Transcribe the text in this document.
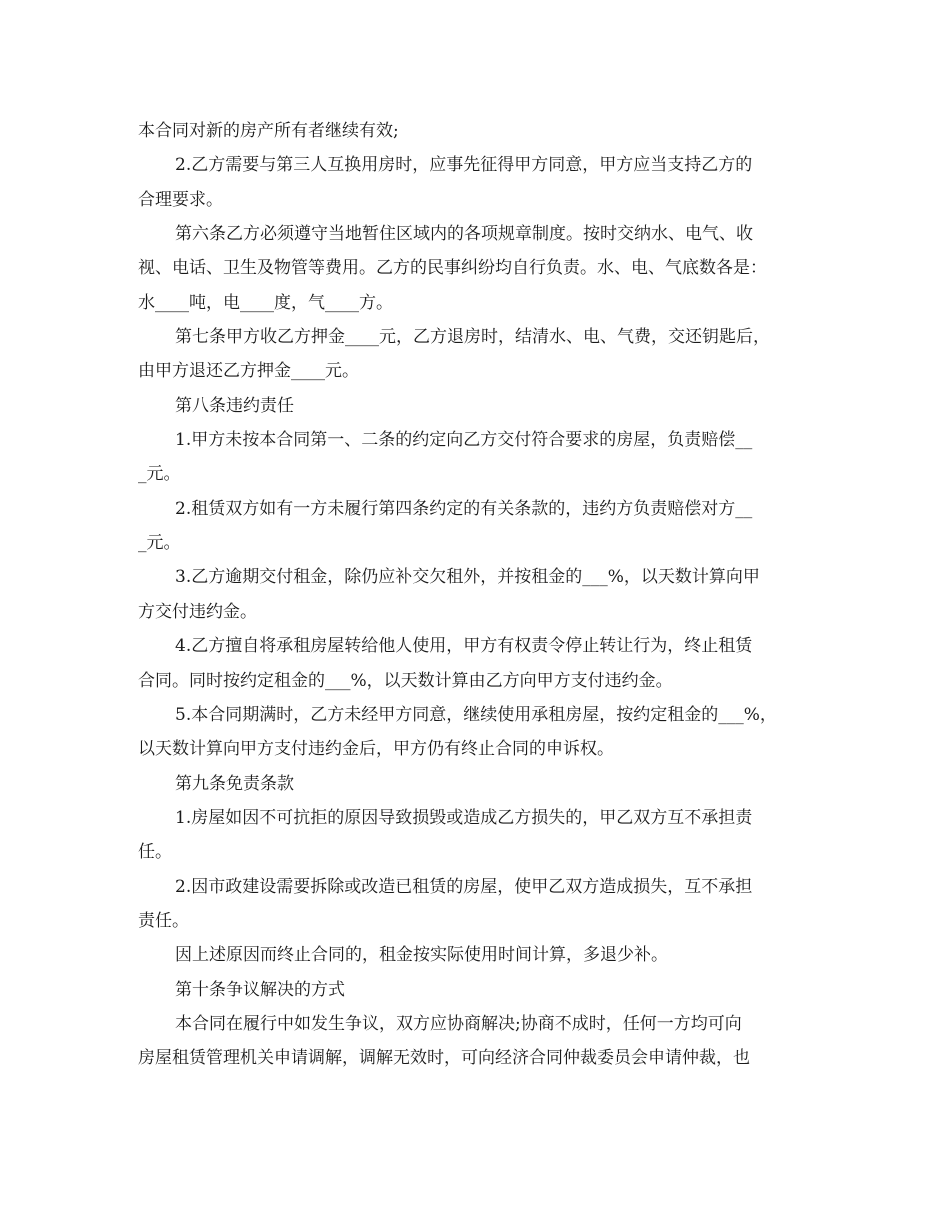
本合同对新的房产所有者继续有效;
2.乙方需要与第三人互换用房时，应事先征得甲方同意，甲方应当支持乙方的
合理要求。
第六条乙方必须遵守当地暂住区域内的各项规章制度。按时交纳水、电气、收
视、电话、卫生及物管等费用。乙方的民事纠纷均自行负责。水、电、气底数各是：
水____吨，电____度，气____方。
第七条甲方收乙方押金____元，乙方退房时，结清水、电、气费，交还钥匙后，
由甲方退还乙方押金____元。
第八条违约责任
1.甲方未按本合同第一、二条的约定向乙方交付符合要求的房屋，负责赔偿__
_元。
2.租赁双方如有一方未履行第四条约定的有关条款的，违约方负责赔偿对方__
_元。
3.乙方逾期交付租金，除仍应补交欠租外，并按租金的___%，以天数计算向甲
方交付违约金。
4.乙方擅自将承租房屋转给他人使用，甲方有权责令停止转让行为，终止租赁
合同。同时按约定租金的___%，以天数计算由乙方向甲方支付违约金。
5.本合同期满时，乙方未经甲方同意，继续使用承租房屋，按约定租金的___%，
以天数计算向甲方支付违约金后，甲方仍有终止合同的申诉权。
第九条免责条款
1.房屋如因不可抗拒的原因导致损毁或造成乙方损失的，甲乙双方互不承担责
任。
2.因市政建设需要拆除或改造已租赁的房屋，使甲乙双方造成损失，互不承担
责任。
因上述原因而终止合同的，租金按实际使用时间计算，多退少补。
第十条争议解决的方式
本合同在履行中如发生争议，双方应协商解决;协商不成时，任何一方均可向
房屋租赁管理机关申请调解，调解无效时，可向经济合同仲裁委员会申请仲裁，也
